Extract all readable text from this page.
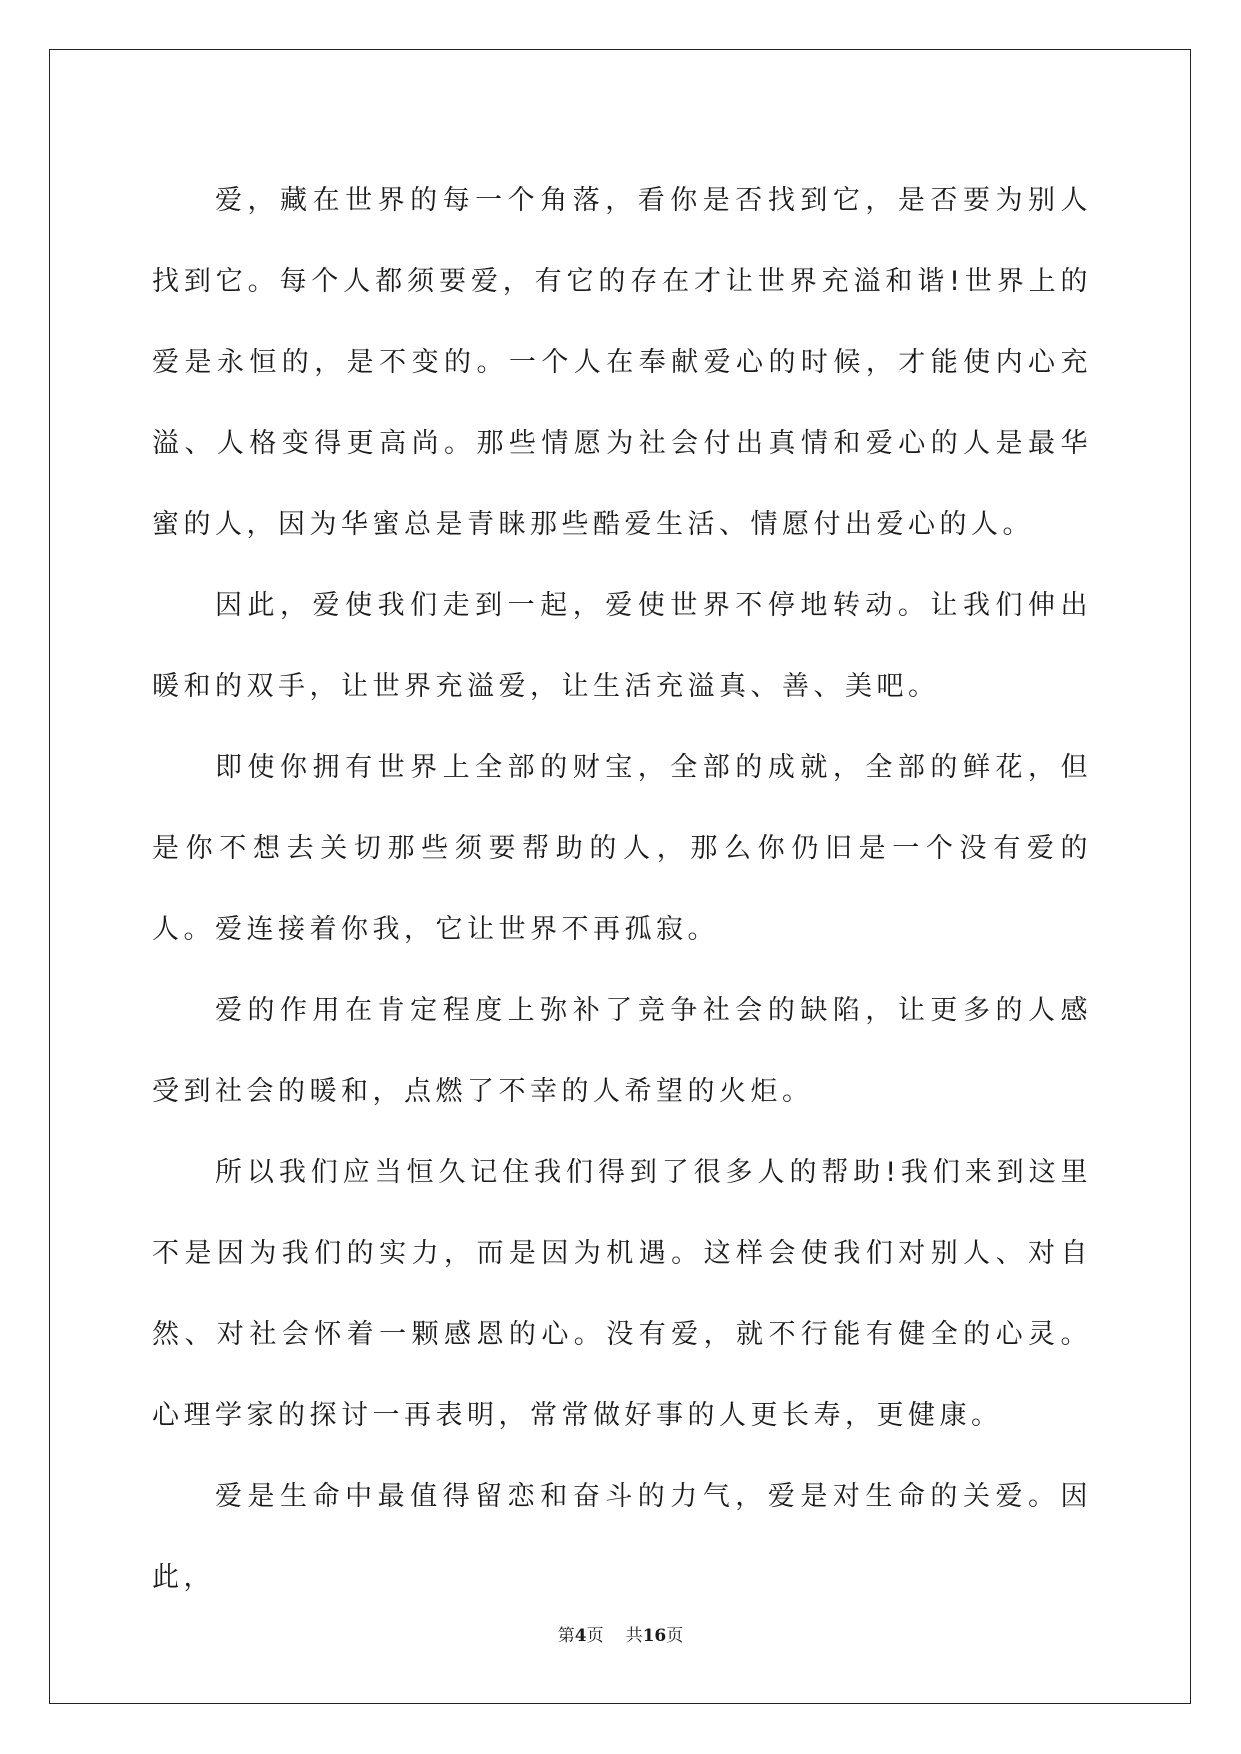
爱，藏在世界的每一个角落，看你是否找到它，是否要为别人找到它。每个人都须要爱，有它的存在才让世界充溢和谐!世界上的爱是永恒的，是不变的。一个人在奉献爱心的时候，才能使内心充溢、人格变得更高尚。那些情愿为社会付出真情和爱心的人是最华蜜的人，因为华蜜总是青睐那些酷爱生活、情愿付出爱心的人。

因此，爱使我们走到一起，爱使世界不停地转动。让我们伸出暖和的双手，让世界充溢爱，让生活充溢真、善、美吧。

即使你拥有世界上全部的财宝，全部的成就，全部的鲜花，但是你不想去关切那些须要帮助的人，那么你仍旧是一个没有爱的人。爱连接着你我，它让世界不再孤寂。

爱的作用在肯定程度上弥补了竞争社会的缺陷，让更多的人感受到社会的暖和，点燃了不幸的人希望的火炬。

所以我们应当恒久记住我们得到了很多人的帮助!我们来到这里不是因为我们的实力，而是因为机遇。这样会使我们对别人、对自然、对社会怀着一颗感恩的心。没有爱，就不行能有健全的心灵。心理学家的探讨一再表明，常常做好事的人更长寿，更健康。

爱是生命中最值得留恋和奋斗的力气，爱是对生命的关爱。因此，

第4页 共16页
